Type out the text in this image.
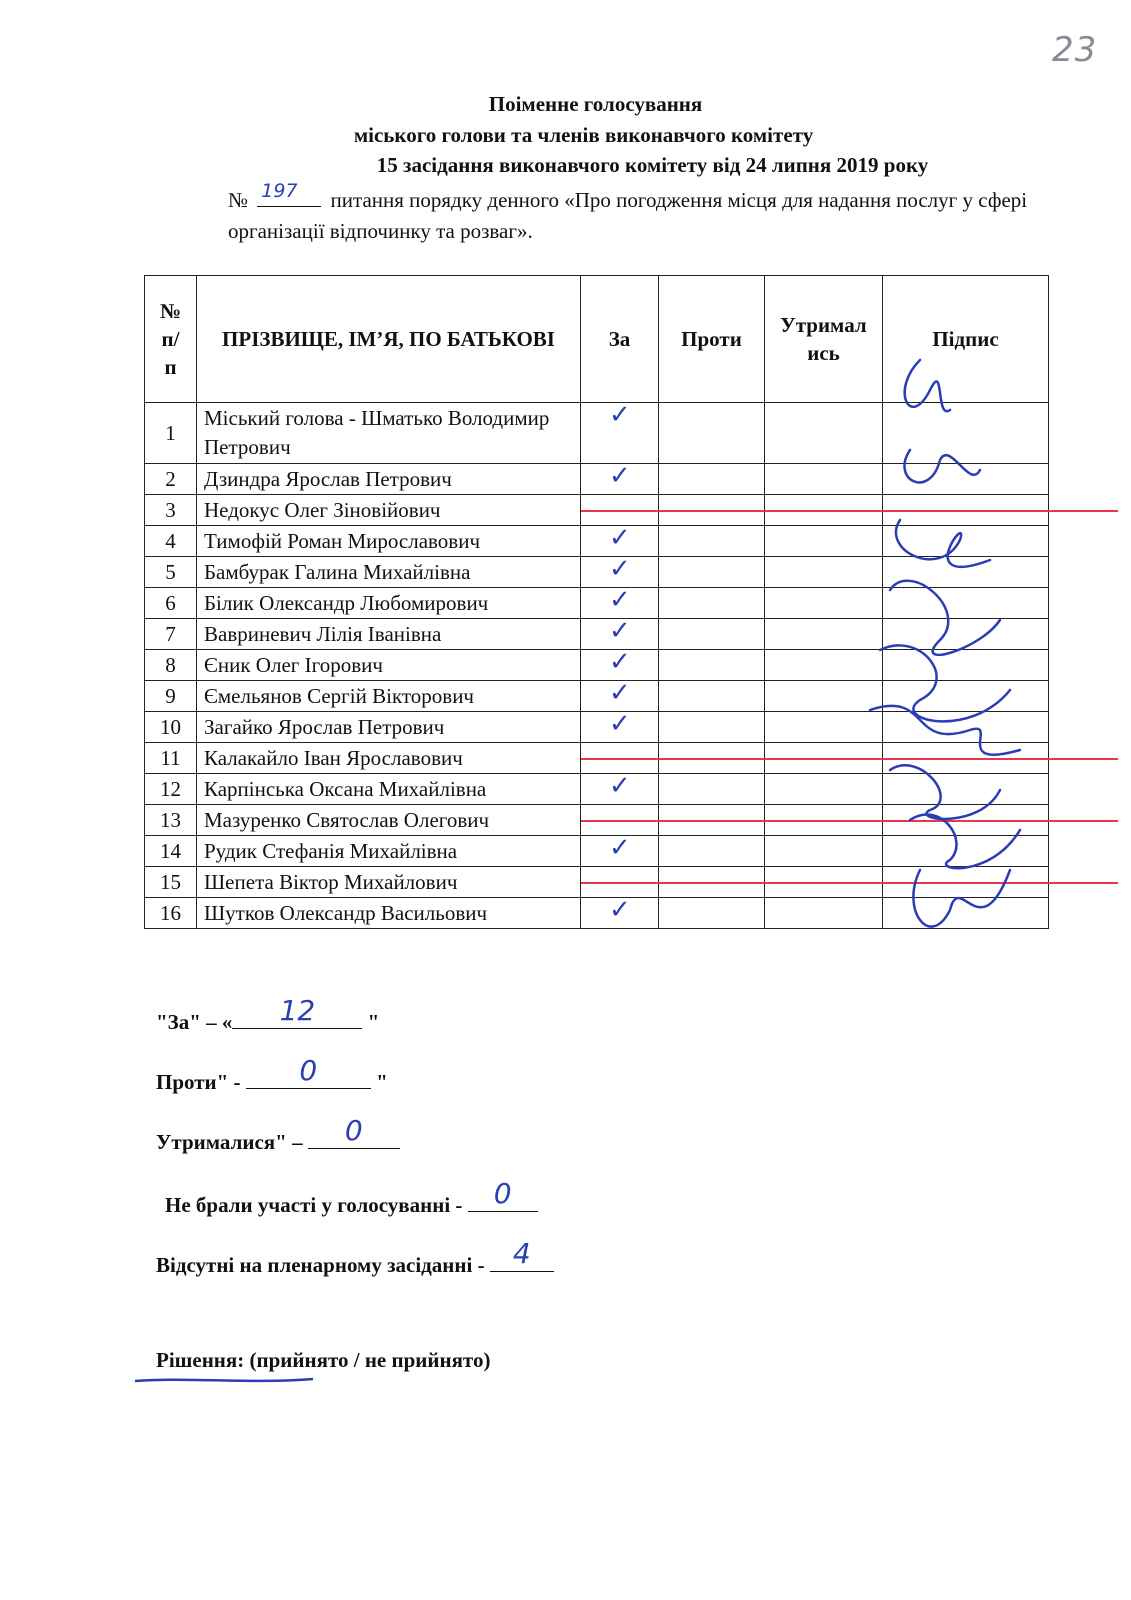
23
Поіменне голосування
міського голови та членів виконавчого комітету
15 засідання виконавчого комітету від 24 липня 2019 року
№ 197 питання порядку денного «Про погодження місця для надання послуг у сфері організації відпочинку та розваг».
№ п/п	ПРІЗВИЩЕ, ІМ’Я, ПО БАТЬКОВІ	За	Проти	Утрималиcь	Підпис
1	Міський голова - Шматько Володимир Петрович	✓			

2	Дзиндра Ярослав Петрович	✓			

3	Недокус Олег Зіновійович	

4	Тимофій Роман Мирославович	✓			

5	Бамбурак Галина Михайлівна	✓			

6	Білик Олександр Любомирович	✓			

7	Вавриневич Лілія Іванівна	✓			

8	Єник Олег Ігорович	✓			

9	Ємельянов Сергій Вікторович	✓			

10	Загайко Ярослав Петрович	✓			

11	Калакайло Іван Ярославович	

12	Карпінська Оксана Михайлівна	✓			

13	Мазуренко Святослав Олегович	

14	Рудик Стефанія Михайлівна	✓			

15	Шепета Віктор Михайлович	

16	Шутков Олександр Васильович	✓			

"За" – « 12 "
Проти" - 0	"
Утрималися" – 0
Не брали участі у голосуванні - 0
Відсутні на пленарному засіданні - 4
Рішення: (прийнято / не прийнято)
